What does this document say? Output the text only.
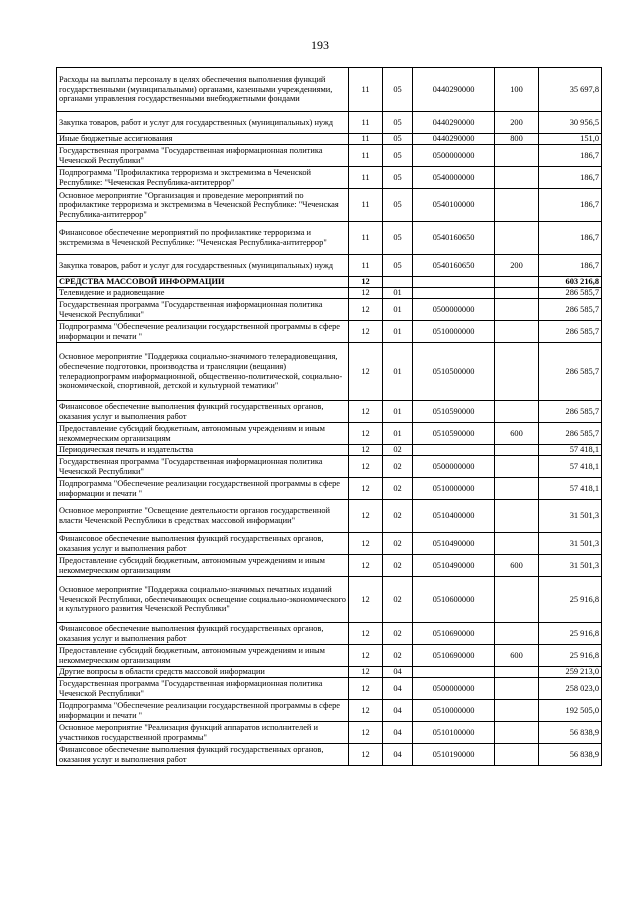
193
Расходы на выплаты персоналу в целях обеспечения выполнения функций государственными (муниципальными) органами, казенными учреждениями, органами управления государственными внебюджетными фондами	11	05	0440290000	100	35 697,8
Закупка товаров, работ и услуг для государственных (муниципальных) нужд	11	05	0440290000	200	30 956,5
Иные бюджетные ассигнования	11	05	0440290000	800	151,0
Государственная программа "Государственная информационная политика Чеченской Республики"	11	05	0500000000		186,7
Подпрограмма "Профилактика терроризма и экстремизма в Чеченской Республике: "Чеченская Республика-антитеррор"	11	05	0540000000		186,7
Основное мероприятие "Организация и проведение мероприятий по профилактике терроризма и экстремизма в Чеченской Республике: "Чеченская Республика-антитеррор"	11	05	0540100000		186,7
Финансовое обеспечение мероприятий по профилактике терроризма и экстремизма в Чеченской Республике: "Чеченская Республика-антитеррор"	11	05	0540160650		186,7
Закупка товаров, работ и услуг для государственных (муниципальных) нужд	11	05	0540160650	200	186,7
СРЕДСТВА МАССОВОЙ ИНФОРМАЦИИ	12				603 216,8
Телевидение и радиовещание	12	01			286 585,7
Государственная программа "Государственная информационная политика Чеченской Республики"	12	01	0500000000		286 585,7
Подпрограмма "Обеспечение реализации государственной программы в сфере информации и печати "	12	01	0510000000		286 585,7
Основное мероприятие "Поддержка социально-значимого телерадиовещания, обеспечение подготовки, производства и трансляции (вещания) телерадиопрограмм информационной, общественно-политической, социально-экономической, спортивной, детской и культурной тематики"	12	01	0510500000		286 585,7
Финансовое обеспечение выполнения функций государственных органов, оказания услуг и выполнения работ	12	01	0510590000		286 585,7
Предоставление субсидий бюджетным, автономным учреждениям и иным некоммерческим организациям	12	01	0510590000	600	286 585,7
Периодическая печать и издательства	12	02			57 418,1
Государственная программа "Государственная информационная политика Чеченской Республики"	12	02	0500000000		57 418,1
Подпрограмма "Обеспечение реализации государственной программы в сфере информации и печати "	12	02	0510000000		57 418,1
Основное мероприятие "Освещение деятельности органов государственной власти Чеченской Республики в средствах массовой информации"	12	02	0510400000		31 501,3
Финансовое обеспечение выполнения функций государственных органов, оказания услуг и выполнения работ	12	02	0510490000		31 501,3
Предоставление субсидий бюджетным, автономным учреждениям и иным некоммерческим организациям	12	02	0510490000	600	31 501,3
Основное мероприятие "Поддержка социально-значимых печатных изданий Чеченской Республики, обеспечивающих освещение социально-экономического и культурного развития Чеченской Республики"	12	02	0510600000		25 916,8
Финансовое обеспечение выполнения функций государственных органов, оказания услуг и выполнения работ	12	02	0510690000		25 916,8
Предоставление субсидий бюджетным, автономным учреждениям и иным некоммерческим организациям	12	02	0510690000	600	25 916,8
Другие вопросы в области средств массовой информации	12	04			259 213,0
Государственная программа "Государственная информационная политика Чеченской Республики"	12	04	0500000000		258 023,0
Подпрограмма "Обеспечение реализации государственной программы в сфере информации и печати "	12	04	0510000000		192 505,0
Основное мероприятие "Реализация функций аппаратов исполнителей и участников государственной программы"	12	04	0510100000		56 838,9
Финансовое обеспечение выполнения функций государственных органов, оказания услуг и выполнения работ	12	04	0510190000		56 838,9
